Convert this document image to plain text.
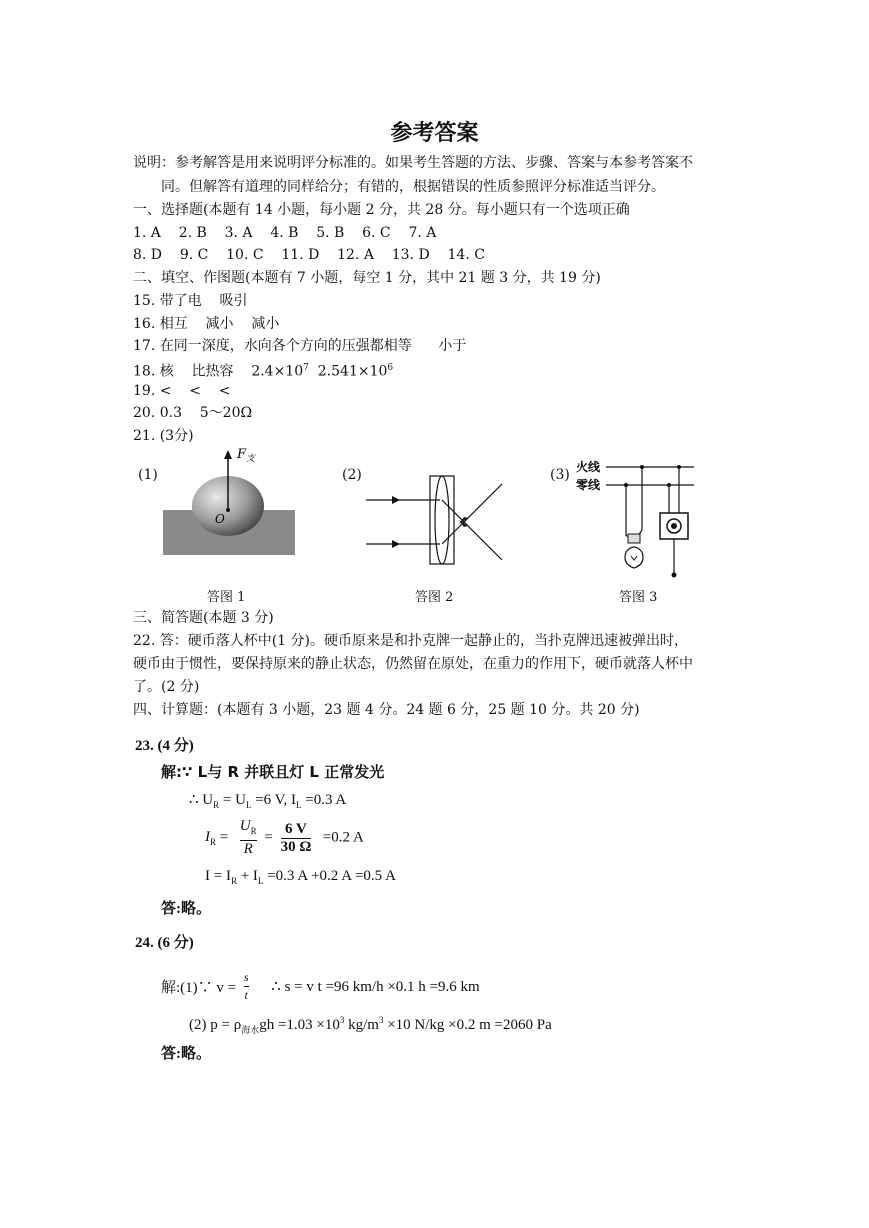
参考答案
说明：参考解答是用来说明评分标准的。如果考生答题的方法、步骤、答案与本参考答案不
同。但解答有道理的同样给分；有错的，根据错误的性质参照评分标准适当评分。
一、选择题(本题有 14 小题，每小题 2 分，共 28 分。每小题只有一个选项正确
1. A    2. B    3. A    4. B    5. B    6. C    7. A
8. D    9. C    10. C    11. D    12. A    13. D    14. C
二、填空、作图题(本题有 7 小题，每空 1 分，其中 21 题 3 分，共 19 分)
15. 带了电    吸引
16. 相互    减小    减小
17. 在同一深度，水向各个方向的压强都相等      小于
18. 核    比热容    $2.4\times 10^7$  $2.541\times 10^6$
19. <    <    <
20. 0.3    5～20Ω
21. (3分)
(1)
$F_支$
O
答图 1
(2)
答图 2
(3) 火线
零线
答图 3
三、简答题(本题 3 分)
22. 答：硬币落人杯中(1 分)。硬币原来是和扑克牌一起静止的，当扑克牌迅速被弹出时，
硬币由于惯性，要保持原来的静止状态，仍然留在原处，在重力的作用下，硬币就落人杯中
了。(2 分)
四、计算题：(本题有 3 小题，23 题 4 分。24 题 6 分，25 题 10 分。共 20 分)
23. (4 分)
解:∵ L与 R 并联且灯 L 正常发光
∴ $U_R = U_L =6$ V, $I_L =0.3$ A
$I_R = \frac{U_R}{R} = \frac{6 V}{30 \Omega} =0.2$ A
$I = I_R + I_L =0.3$ A +0.2 A =0.5 A
答:略。
24. (6 分)
解:(1)∵ $v = \frac{s}{t}$ ∴ s = v t =96 km/h ×0.1 h =9.6 km
(2) $p = \rho_{海水}gh =1.03 \times 10^3$ $kg/m^3 \times 10$ N/kg ×0.2 m =2060 Pa
答:略。
